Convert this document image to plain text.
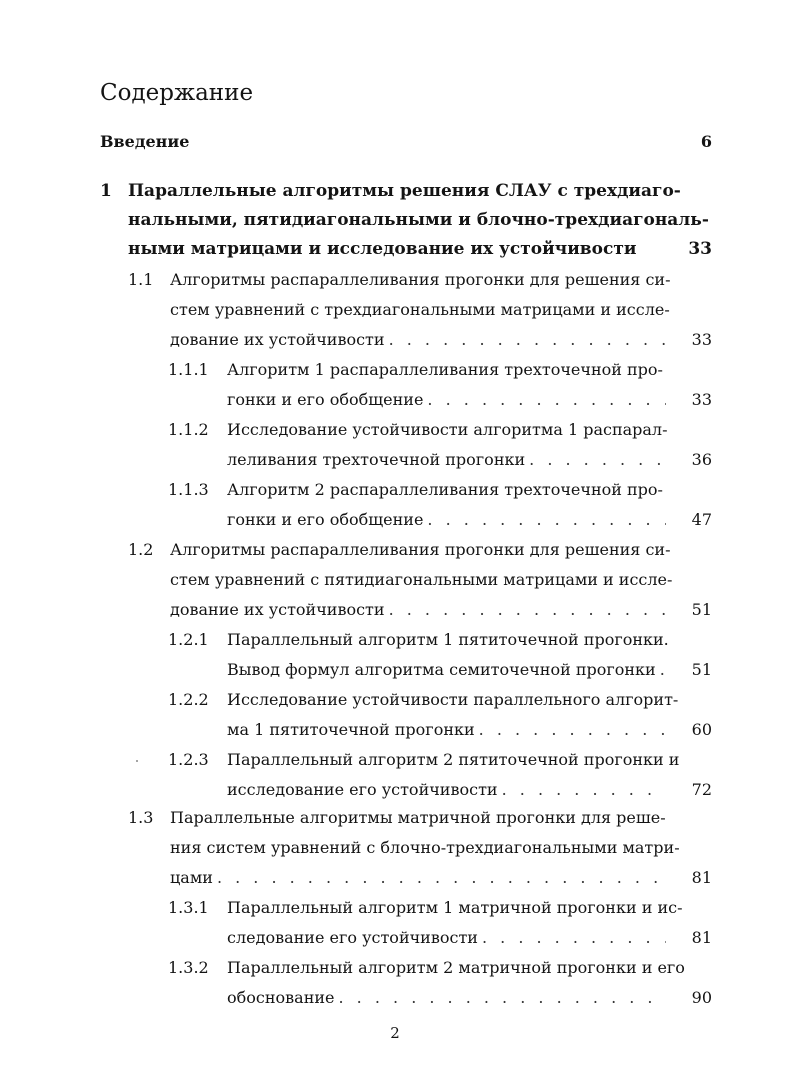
Содержание
Введение	6
1 Параллельные алгоритмы решения СЛАУ с трехдиаго-
нальными, пятидиагональными и блочно-трехдиагональ-
ными матрицами и исследование их устойчивости	33
1.1 Алгоритмы распараллеливания прогонки для решения си-
стем уравнений с трехдиагональными матрицами и иссле-
дование их устойчивости . . .	33
1.1.1 Алгоритм 1 распараллеливания трехточечной про-
гонки и его обобщение . . .	33
1.1.2 Исследование устойчивости алгоритма 1 распарал-
леливания трехточечной прогонки . . .	36
1.1.3 Алгоритм 2 распараллеливания трехточечной про-
гонки и его обобщение . . .	47
1.2 Алгоритмы распараллеливания прогонки для решения си-
стем уравнений с пятидиагональными матрицами и иссле-
дование их устойчивости . . .	51
1.2.1 Параллельный алгоритм 1 пятиточечной прогонки.
Вывод формул алгоритма семиточечной прогонки . . .	51
1.2.2 Исследование устойчивости параллельного алгорит-
ма 1 пятиточечной прогонки . . .	60
1.2.3 Параллельный алгоритм 2 пятиточечной прогонки и
исследование его устойчивости . . .	72
1.3 Параллельные алгоритмы матричной прогонки для реше-
ния систем уравнений с блочно-трехдиагональными матри-
цами . . .	81
1.3.1 Параллельный алгоритм 1 матричной прогонки и ис-
следование его устойчивости . . .	81
1.3.2 Параллельный алгоритм 2 матричной прогонки и его
обоснование . . .	90
2
